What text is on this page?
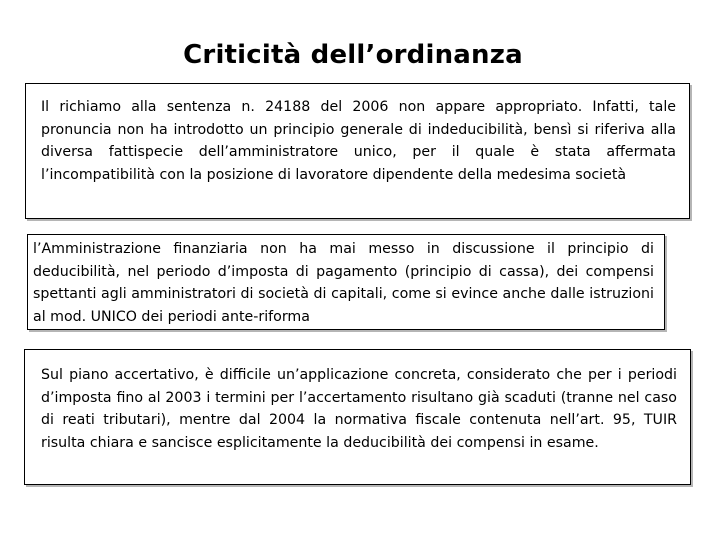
Criticità dell’ordinanza

Il richiamo alla sentenza n. 24188 del 2006 non appare appropriato. Infatti, tale pronuncia non ha introdotto un principio generale di indeducibilità, bensì si riferiva alla diversa fattispecie dell’amministratore unico, per il quale è stata affermata l’incompatibilità con la posizione di lavoratore dipendente della medesima società

l’Amministrazione finanziaria non ha mai messo in discussione il principio di deducibilità, nel periodo d’imposta di pagamento (principio di cassa), dei compensi spettanti agli amministratori di società di capitali, come si evince anche dalle istruzioni al mod. UNICO dei periodi ante-riforma

Sul piano accertativo, è difficile un’applicazione concreta, considerato che per i periodi d’imposta fino al 2003 i termini per l’accertamento risultano già scaduti (tranne nel caso di reati tributari), mentre dal 2004 la normativa fiscale contenuta nell’art. 95, TUIR risulta chiara e sancisce esplicitamente la deducibilità dei compensi in esame.
